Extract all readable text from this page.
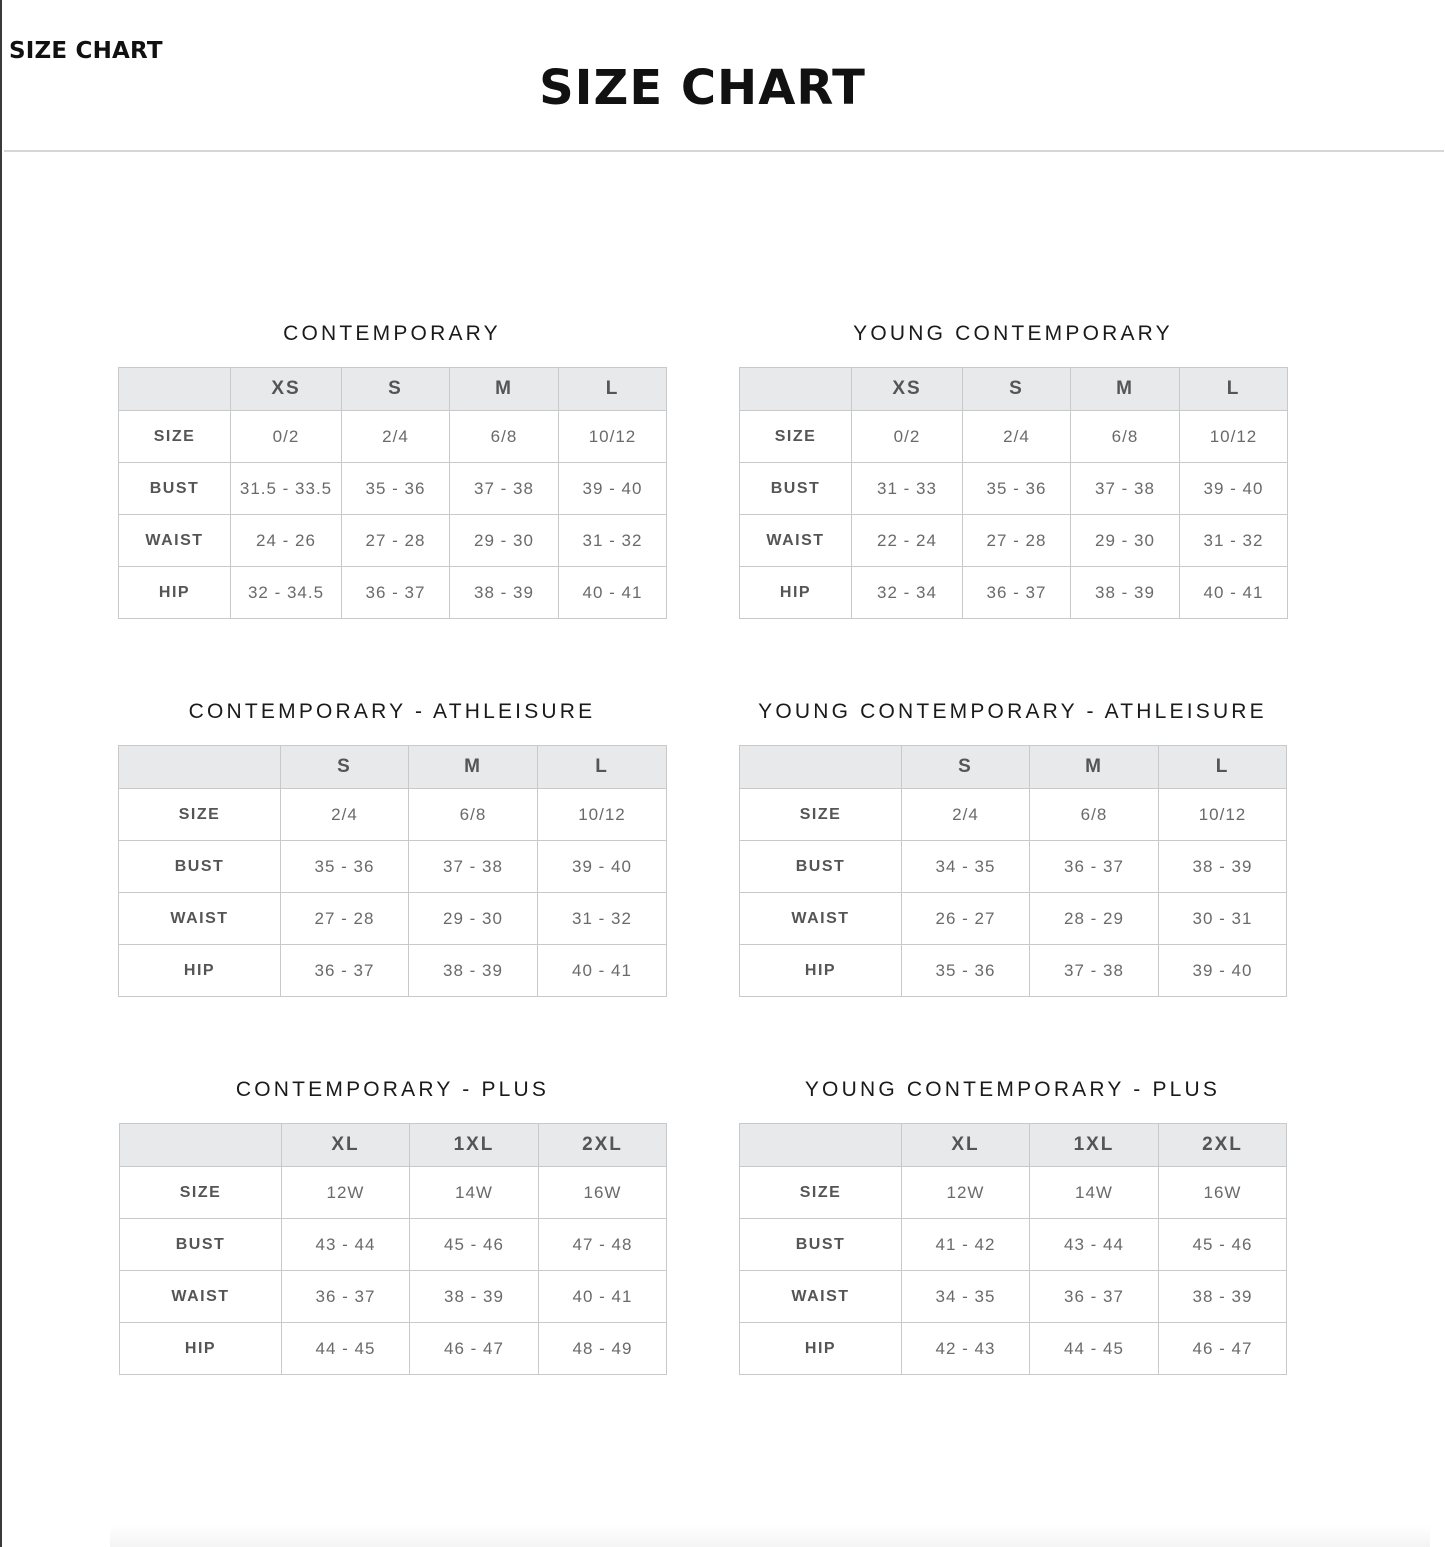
SIZE CHART
SIZE CHART
CONTEMPORARY
	XS	S	M	L
SIZE	0/2	2/4	6/8	10/12
BUST	31.5 - 33.5	35 - 36	37 - 38	39 - 40
WAIST	24 - 26	27 - 28	29 - 30	31 - 32
HIP	32 - 34.5	36 - 37	38 - 39	40 - 41
YOUNG CONTEMPORARY
	XS	S	M	L
SIZE	0/2	2/4	6/8	10/12
BUST	31 - 33	35 - 36	37 - 38	39 - 40
WAIST	22 - 24	27 - 28	29 - 30	31 - 32
HIP	32 - 34	36 - 37	38 - 39	40 - 41
CONTEMPORARY - ATHLEISURE
	S	M	L
SIZE	2/4	6/8	10/12
BUST	35 - 36	37 - 38	39 - 40
WAIST	27 - 28	29 - 30	31 - 32
HIP	36 - 37	38 - 39	40 - 41
YOUNG CONTEMPORARY - ATHLEISURE
	S	M	L
SIZE	2/4	6/8	10/12
BUST	34 - 35	36 - 37	38 - 39
WAIST	26 - 27	28 - 29	30 - 31
HIP	35 - 36	37 - 38	39 - 40
CONTEMPORARY - PLUS
	XL	1XL	2XL
SIZE	12W	14W	16W
BUST	43 - 44	45 - 46	47 - 48
WAIST	36 - 37	38 - 39	40 - 41
HIP	44 - 45	46 - 47	48 - 49
YOUNG CONTEMPORARY - PLUS
	XL	1XL	2XL
SIZE	12W	14W	16W
BUST	41 - 42	43 - 44	45 - 46
WAIST	34 - 35	36 - 37	38 - 39
HIP	42 - 43	44 - 45	46 - 47
